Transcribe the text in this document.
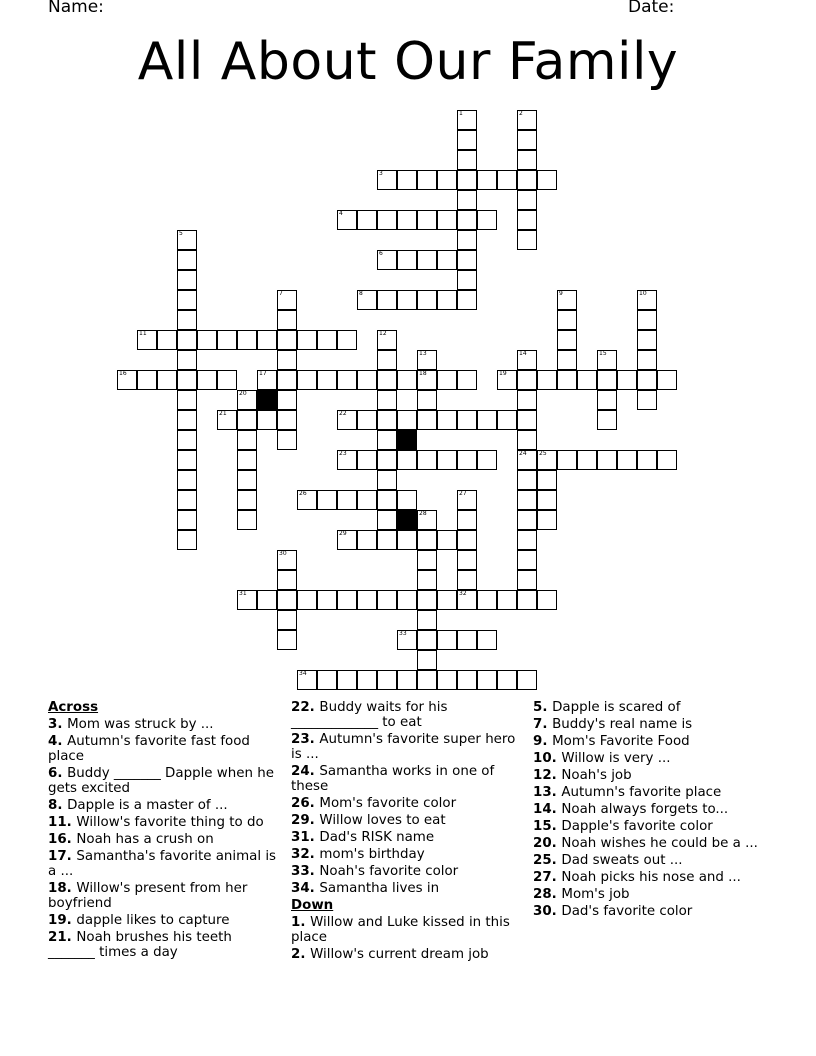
Name:	Date:
All About Our Family
1	2
3
4
5
6
7	8	9	10
11	12
13
18
14
24
15
16	17	19
20
21	22
23	25
26	27
32
28
29
30
31
33
34
Across
3. Mom was struck by ...
4. Autumn's favorite fast food place
6. Buddy _______ Dapple when he gets excited
8. Dapple is a master of ...
11. Willow's favorite thing to do
16. Noah has a crush on
17. Samantha's favorite animal is a ...
18. Willow's present from her boyfriend
19. dapple likes to capture
21. Noah brushes his teeth _______ times a day
22. Buddy waits for his _____________ to eat
23. Autumn's favorite super hero is ...
24. Samantha works in one of these
26. Mom's favorite color
29. Willow loves to eat
31. Dad's RISK name
32. mom's birthday
33. Noah's favorite color
34. Samantha lives in
Down
1. Willow and Luke kissed in this place
2. Willow's current dream job
5. Dapple is scared of
7. Buddy's real name is
9. Mom's Favorite Food
10. Willow is very ...
12. Noah's job
13. Autumn's favorite place
14. Noah always forgets to...
15. Dapple's favorite color
20. Noah wishes he could be a ...
25. Dad sweats out ...
27. Noah picks his nose and ...
28. Mom's job
30. Dad's favorite color
